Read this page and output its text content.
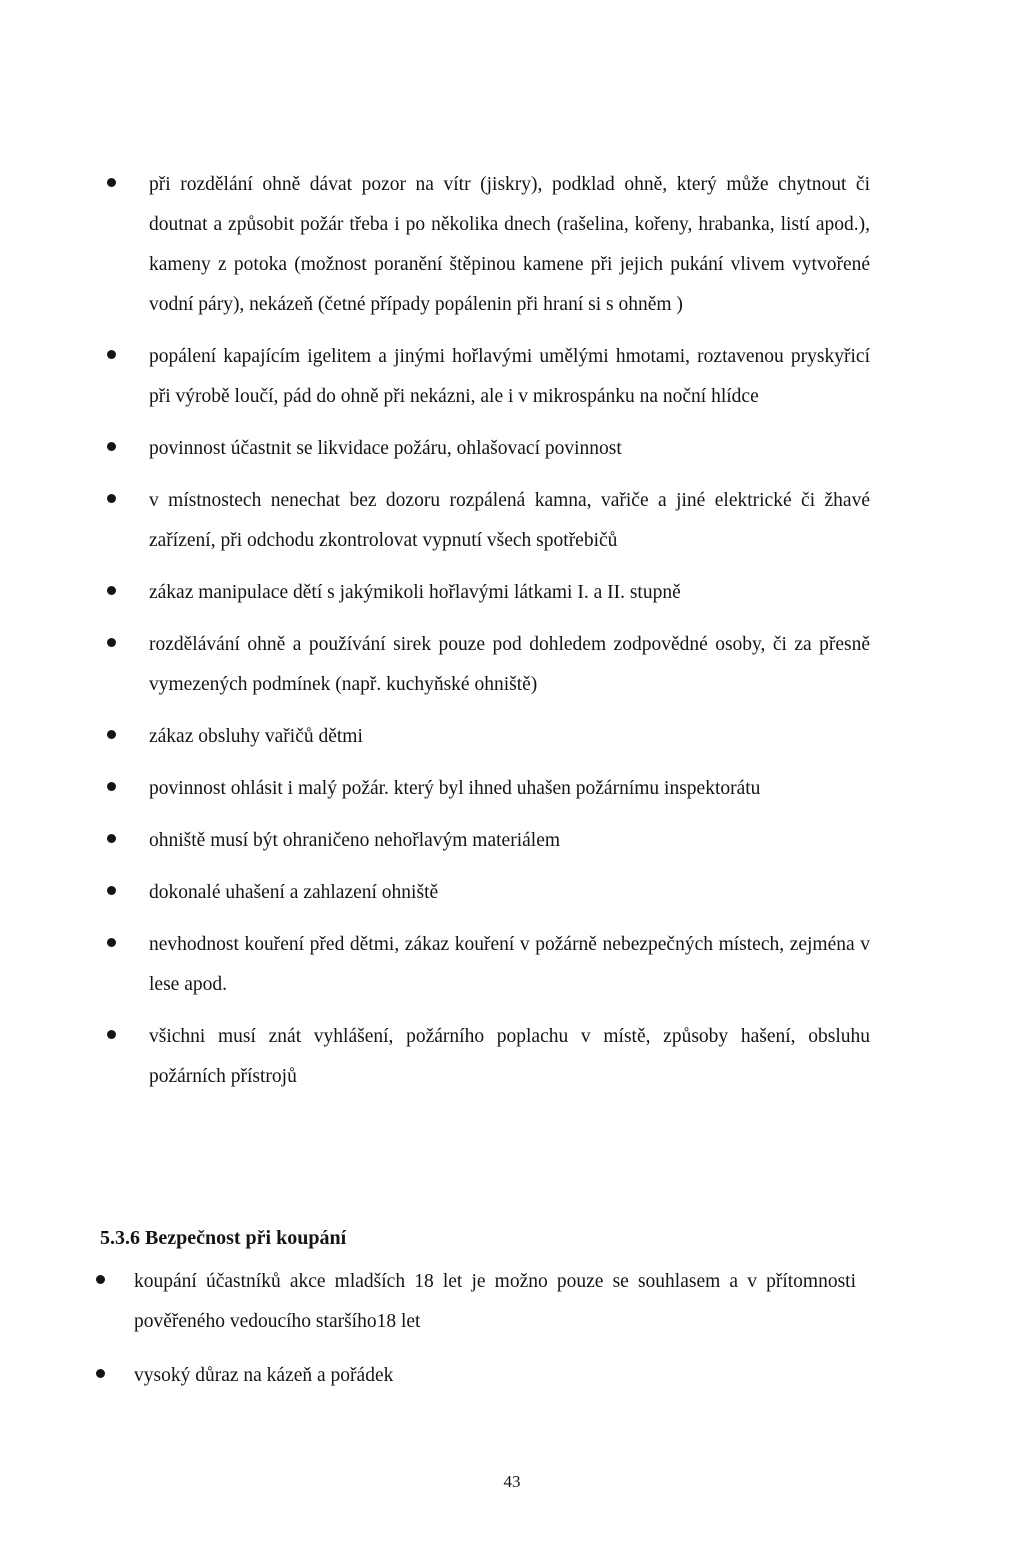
při rozdělání ohně dávat pozor na vítr (jiskry), podklad ohně, který může chytnout či doutnat a způsobit požár třeba i po několika dnech (rašelina, kořeny, hrabanka, listí apod.), kameny z potoka (možnost poranění štěpinou kamene při jejich pukání vlivem vytvořené vodní páry), nekázeň (četné případy popálenin při hraní si s ohněm )
popálení kapajícím igelitem a jinými hořlavými umělými hmotami, roztavenou pryskyřicí při výrobě loučí, pád do ohně při nekázni, ale i v mikrospánku na noční hlídce
povinnost účastnit se likvidace požáru, ohlašovací povinnost
v místnostech nenechat bez dozoru rozpálená kamna, vařiče a jiné elektrické či žhavé zařízení, při odchodu zkontrolovat vypnutí všech spotřebičů
zákaz manipulace dětí s jakýmikoli hořlavými látkami I. a II. stupně
rozdělávání ohně a používání sirek pouze pod dohledem zodpovědné osoby, či za přesně vymezených podmínek (např. kuchyňské ohniště)
zákaz obsluhy vařičů dětmi
povinnost ohlásit i malý požár. který byl ihned uhašen požárnímu inspektorátu
ohniště musí být ohraničeno nehořlavým materiálem
dokonalé uhašení a zahlazení ohniště
nevhodnost kouření před dětmi, zákaz kouření v požárně nebezpečných místech, zejména v lese apod.
všichni musí znát vyhlášení, požárního poplachu v místě, způsoby hašení, obsluhu požárních přístrojů
5.3.6 Bezpečnost při koupání
koupání účastníků akce mladších 18 let je možno pouze se souhlasem a v přítomnosti pověřeného vedoucího staršího18 let
vysoký důraz na kázeň a pořádek
43
